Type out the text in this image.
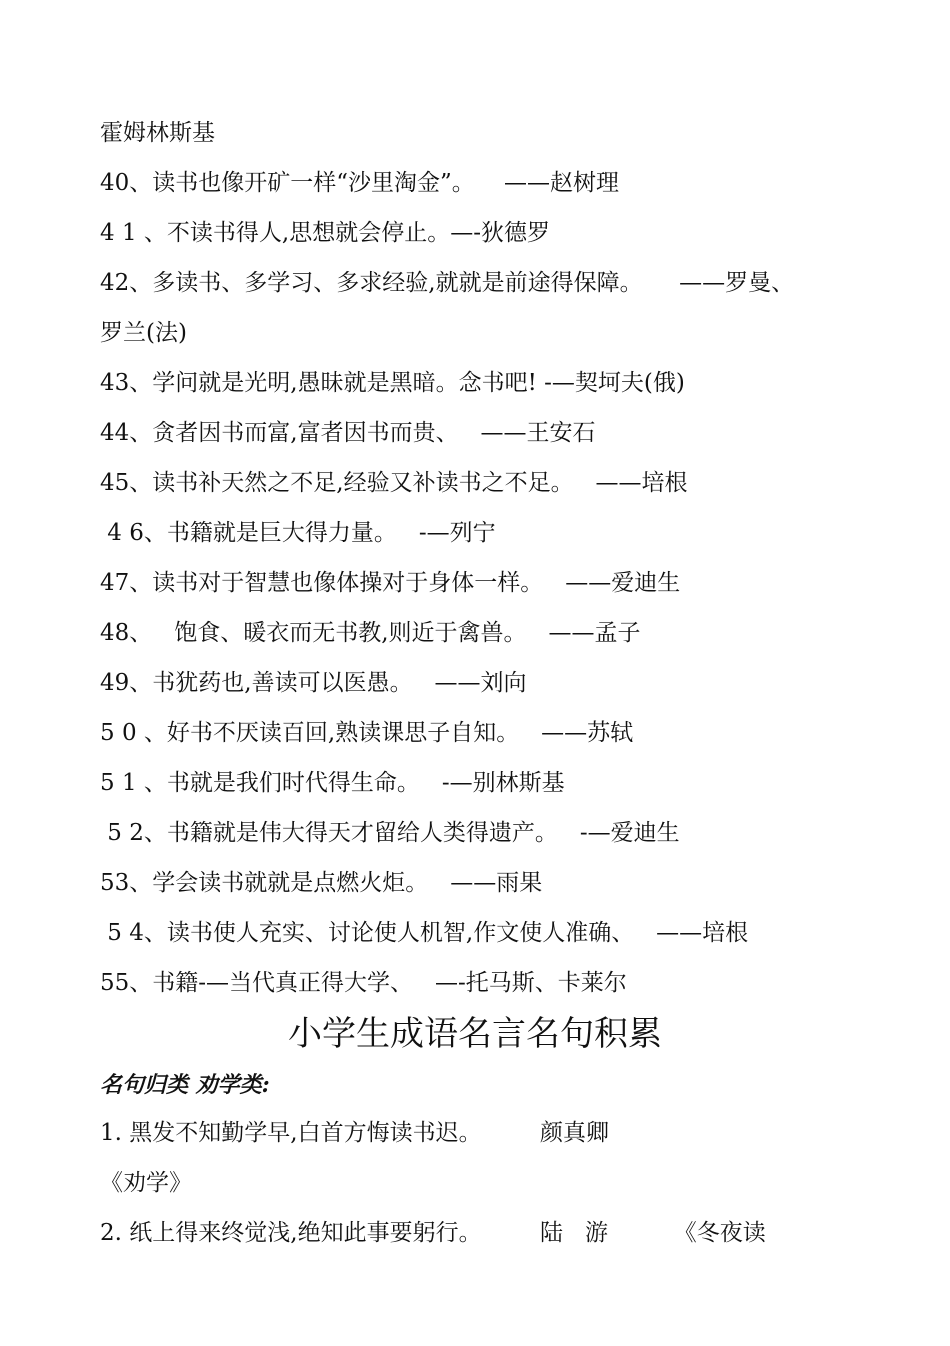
霍姆林斯基
40、读书也像开矿一样“沙里淘金”。    ——赵树理
4 1 、不读书得人,思想就会停止。—-狄德罗
42、多读书、多学习、多求经验,就就是前途得保障。     ——罗曼、
罗兰(法)
43、学问就是光明,愚昧就是黑暗。念书吧! -—契坷夫(俄)
44、贪者因书而富,富者因书而贵、   ——王安石
45、读书补天然之不足,经验又补读书之不足。   ——培根
4 6、书籍就是巨大得力量。   -—列宁
47、读书对于智慧也像体操对于身体一样。   ——爱迪生
48、   饱食、暖衣而无书教,则近于禽兽。   ——孟子
49、书犹药也,善读可以医愚。   ——刘向
5 0 、好书不厌读百回,熟读课思子自知。   ——苏轼
5 1 、书就是我们时代得生命。   -—别林斯基
5 2、书籍就是伟大得天才留给人类得遗产。   -—爱迪生
53、学会读书就就是点燃火炬。   ——雨果
5 4、读书使人充实、讨论使人机智,作文使人准确、   ——培根
55、书籍-—当代真正得大学、   —-托马斯、卡莱尔
小学生成语名言名句积累
名句归类 劝学类:
1. 黑发不知勤学早,白首方悔读书迟。        颜真卿
《劝学》
2. 纸上得来终觉浅,绝知此事要躬行。        陆   游         《冬夜读
